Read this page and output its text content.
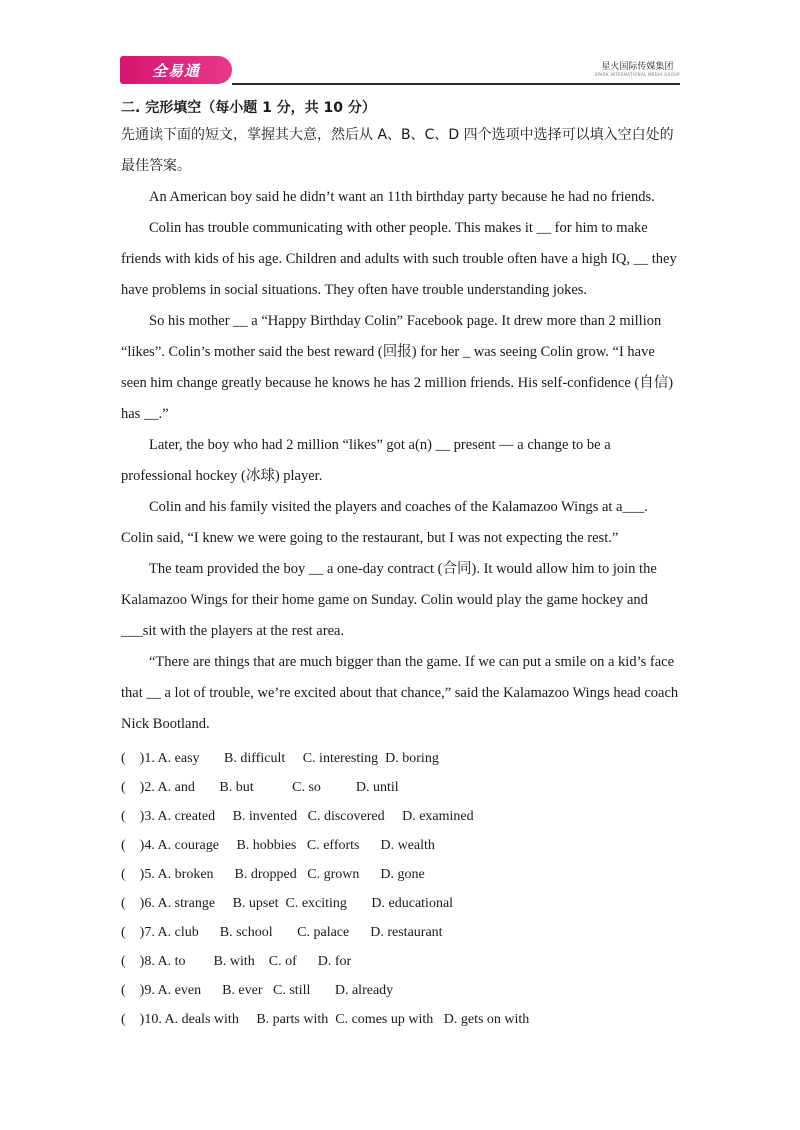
全易通	星火国际传媒集团
SPARK INTERNATIONAL MEDIA GROUP

二. 完形填空（每小题 1 分，共 10 分）

先通读下面的短文，掌握其大意，然后从 A、B、C、D 四个选项中选择可以填入空白处的最佳答案。

An American boy said he didn’t want an 11th birthday party because he had no friends.

Colin has trouble communicating with other people. This makes it __ for him to make friends with kids of his age. Children and adults with such trouble often have a high IQ, __ they have problems in social situations. They often have trouble understanding jokes.

So his mother __ a “Happy Birthday Colin” Facebook page. It drew more than 2 million “likes”. Colin’s mother said the best reward (回报) for her _ was seeing Colin grow. “I have seen him change greatly because he knows he has 2 million friends. His self-confidence (自信) has __.”

Later, the boy who had 2 million “likes” got a(n) __ present — a change to be a professional hockey (冰球) player.

Colin and his family visited the players and coaches of the Kalamazoo Wings at a___. Colin said, “I knew we were going to the restaurant, but I was not expecting the rest.”

The team provided the boy __ a one-day contract (合同). It would allow him to join the Kalamazoo Wings for their home game on Sunday. Colin would play the game hockey and ___sit with the players at the rest area.

“There are things that are much bigger than the game. If we can put a smile on a kid’s face that __ a lot of trouble, we’re excited about that chance,” said the Kalamazoo Wings head coach Nick Bootland.

(    )1. A. easy       B. difficult     C. interesting  D. boring

(    )2. A. and       B. but           C. so          D. until

(    )3. A. created     B. invented   C. discovered     D. examined

(    )4. A. courage     B. hobbies   C. efforts      D. wealth

(    )5. A. broken      B. dropped   C. grown      D. gone

(    )6. A. strange     B. upset  C. exciting       D. educational

(    )7. A. club      B. school       C. palace      D. restaurant

(    )8. A. to        B. with    C. of      D. for

(    )9. A. even      B. ever   C. still       D. already

(    )10. A. deals with     B. parts with  C. comes up with   D. gets on with
